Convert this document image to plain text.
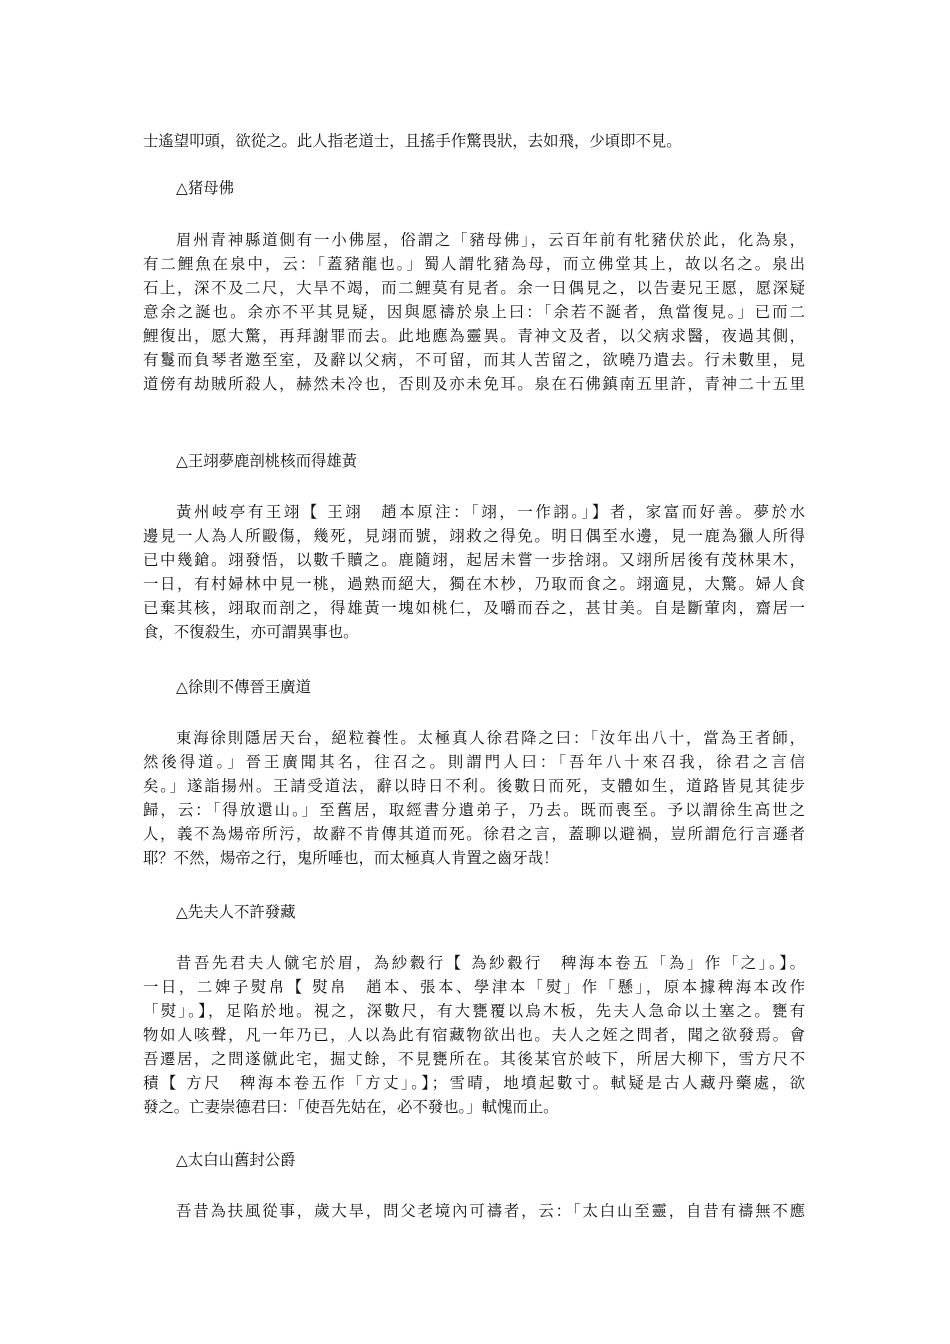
士遙望叩頭，欲從之。此人指老道士，且搖手作驚畏狀，去如飛，少頃即不見。
△猪母佛
眉州青神縣道側有一小佛屋，俗謂之「豬母佛」，云百年前有牝豬伏於此，化為泉，
有二鯉魚在泉中，云：「蓋豬龍也。」蜀人謂牝豬為母，而立佛堂其上，故以名之。泉出
石上，深不及二尺，大旱不竭，而二鯉莫有見者。余一日偶見之，以告妻兄王愿，愿深疑
意余之誕也。余亦不平其見疑，因與愿禱於泉上曰：「余若不誕者，魚當復見。」已而二
鯉復出，愿大驚，再拜謝罪而去。此地應為靈異。青神文及者，以父病求醫，夜過其側，
有鬘而負琴者邀至室，及辭以父病，不可留，而其人苦留之，欲曉乃遣去。行未數里，見
道傍有劫賊所殺人，赫然未冷也，否則及亦未免耳。泉在石佛鎮南五里許，青神二十五里
△王翊夢鹿剖桃核而得雄黃
黃州岐亭有王翊【 王翊　趙本原注：「翊，一作詡。」】者，家富而好善。夢於水
邊見一人為人所毆傷，幾死，見翊而號，翊救之得免。明日偶至水邊，見一鹿為獵人所得
已中幾鎗。翊發悟，以數千贖之。鹿隨翊，起居未嘗一步捨翊。又翊所居後有茂林果木，
一日，有村婦林中見一桃，過熟而絕大，獨在木杪，乃取而食之。翊適見，大驚。婦人食
已棄其核，翊取而剖之，得雄黃一塊如桃仁，及嚼而吞之，甚甘美。自是斷葷肉，齋居一
食，不復殺生，亦可謂異事也。
△徐則不傳晉王廣道
東海徐則隱居天台，絕粒養性。太極真人徐君降之曰：「汝年出八十，當為王者師，
然後得道。」晉王廣聞其名，往召之。則謂門人曰：「吾年八十來召我，徐君之言信
矣。」遂詣揚州。王請受道法，辭以時日不利。後數日而死，支體如生，道路皆見其徒步
歸，云：「得放還山。」至舊居，取經書分遺弟子，乃去。既而喪至。予以謂徐生高世之
人，義不為煬帝所污，故辭不肯傳其道而死。徐君之言，蓋聊以避禍，豈所謂危行言遜者
耶？不然，煬帝之行，鬼所唾也，而太極真人肯置之齒牙哉！
△先夫人不許發藏
昔吾先君夫人僦宅於眉，為紗縠行【 為紗縠行　稗海本卷五「為」作「之」。】。
一日，二婢子熨帛【 熨帛　趙本、張本、學津本「熨」作「懸」，原本據稗海本改作
「熨」。】，足陷於地。視之，深數尺，有大甕覆以烏木板，先夫人急命以土塞之。甕有
物如人咳聲，凡一年乃已，人以為此有宿藏物欲出也。夫人之姪之問者，聞之欲發焉。會
吾遷居，之問遂僦此宅，掘丈餘，不見甕所在。其後某官於岐下，所居大柳下，雪方尺不
積【 方尺　稗海本卷五作「方丈」。】；雪晴，地墳起數寸。軾疑是古人藏丹藥處，欲
發之。亡妻崇德君曰：「使吾先姑在，必不發也。」軾愧而止。
△太白山舊封公爵
吾昔為扶風從事，歲大旱，問父老境內可禱者，云：「太白山至靈，自昔有禱無不應
